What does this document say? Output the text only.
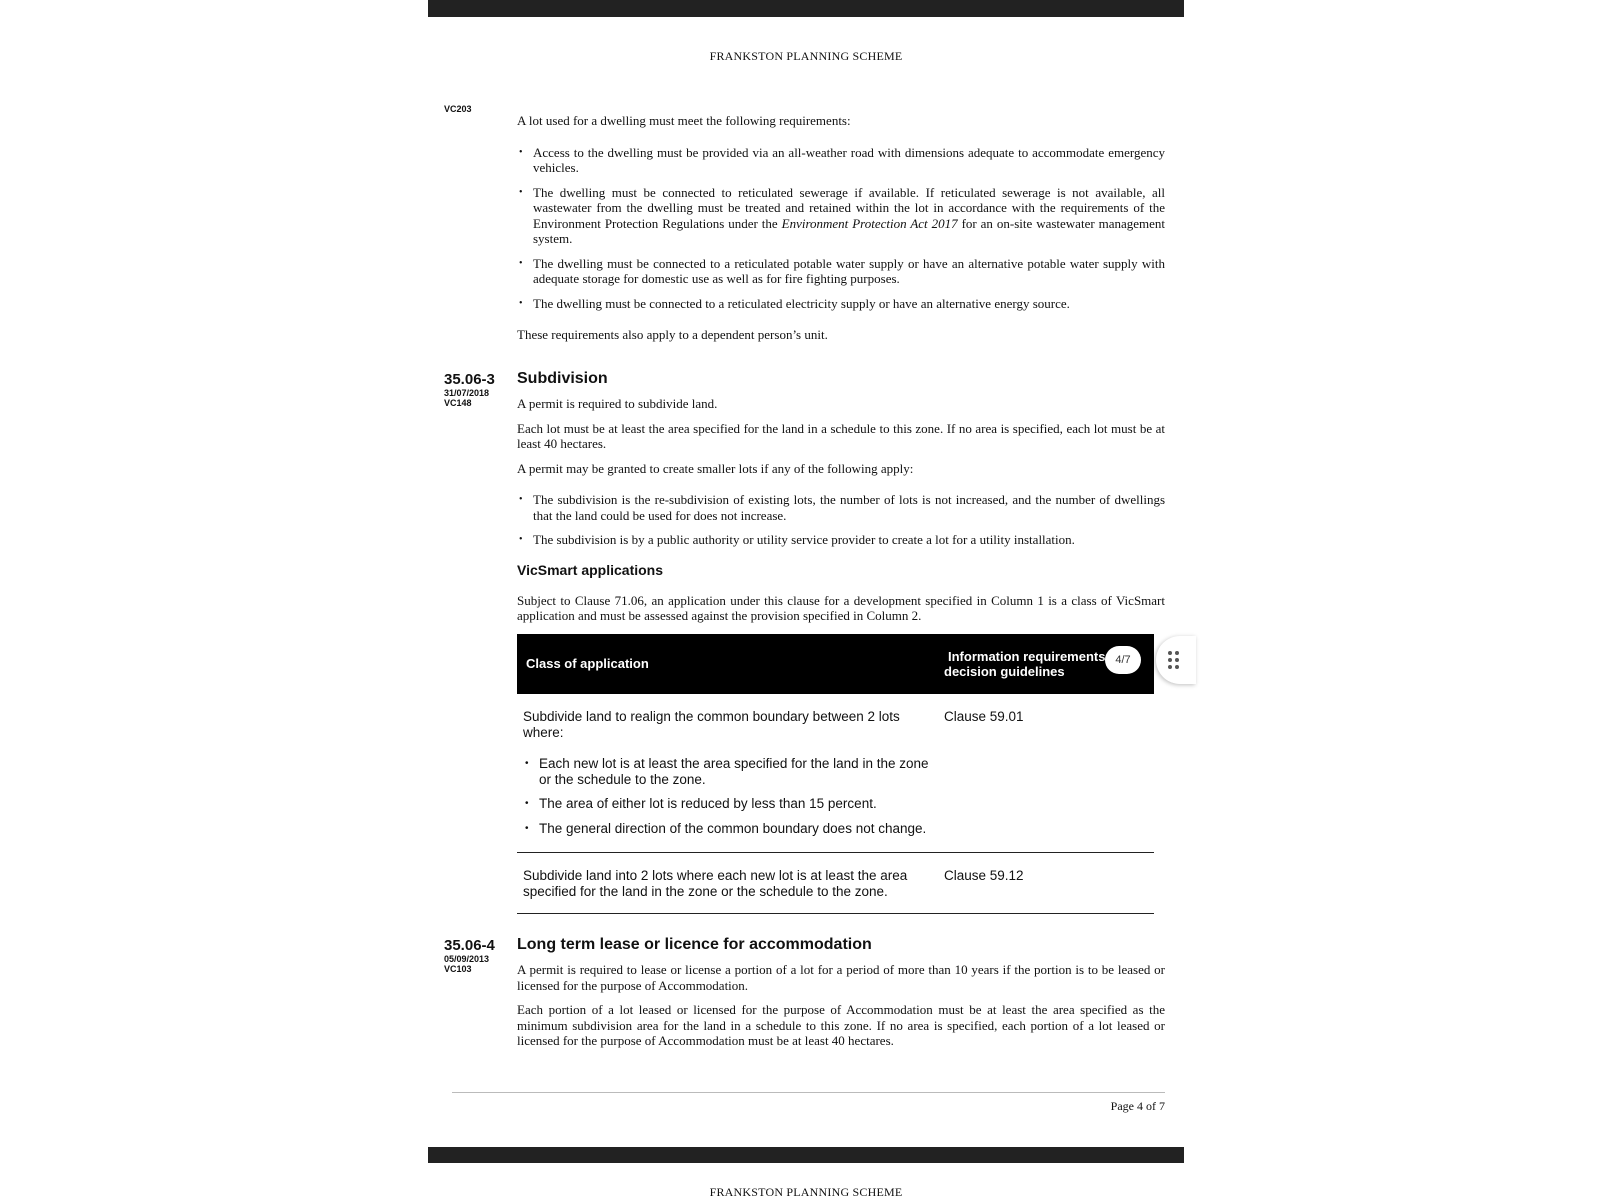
FRANKSTON PLANNING SCHEME
VC203

A lot used for a dwelling must meet the following requirements:

• Access to the dwelling must be provided via an all-weather road with dimensions adequate to accommodate emergency vehicles.
• The dwelling must be connected to reticulated sewerage if available. If reticulated sewerage is not available, all wastewater from the dwelling must be treated and retained within the lot in accordance with the requirements of the Environment Protection Regulations under the Environment Protection Act 2017 for an on-site wastewater management system.
• The dwelling must be connected to a reticulated potable water supply or have an alternative potable water supply with adequate storage for domestic use as well as for fire fighting purposes.
• The dwelling must be connected to a reticulated electricity supply or have an alternative energy source.

These requirements also apply to a dependent person’s unit.

35.06-3
31/07/2018
VC148
Subdivision

A permit is required to subdivide land.

Each lot must be at least the area specified for the land in a schedule to this zone. If no area is specified, each lot must be at least 40 hectares.

A permit may be granted to create smaller lots if any of the following apply:

• The subdivision is the re-subdivision of existing lots, the number of lots is not increased, and the number of dwellings that the land could be used for does not increase.
• The subdivision is by a public authority or utility service provider to create a lot for a utility installation.
VicSmart applications

Subject to Clause 71.06, an application under this clause for a development specified in Column 1 is a class of VicSmart application and must be assessed against the provision specified in Column 2.

Class of application	Information requirements
decision guidelines
Subdivide land to realign the common boundary between 2 lots where:
• Each new lot is at least the area specified for the land in the zone or the schedule to the zone.
• The area of either lot is reduced by less than 15 percent.
• The general direction of the common boundary does not change.
Clause 59.01
Subdivide land into 2 lots where each new lot is at least the area specified for the land in the zone or the schedule to the zone.
Clause 59.12
35.06-4
05/09/2013
VC103
Long term lease or licence for accommodation

A permit is required to lease or license a portion of a lot for a period of more than 10 years if the portion is to be leased or licensed for the purpose of Accommodation.

Each portion of a lot leased or licensed for the purpose of Accommodation must be at least the area specified as the minimum subdivision area for the land in a schedule to this zone. If no area is specified, each portion of a lot leased or licensed for the purpose of Accommodation must be at least 40 hectares.

Page 4 of 7
FRANKSTON PLANNING SCHEME
4/7
